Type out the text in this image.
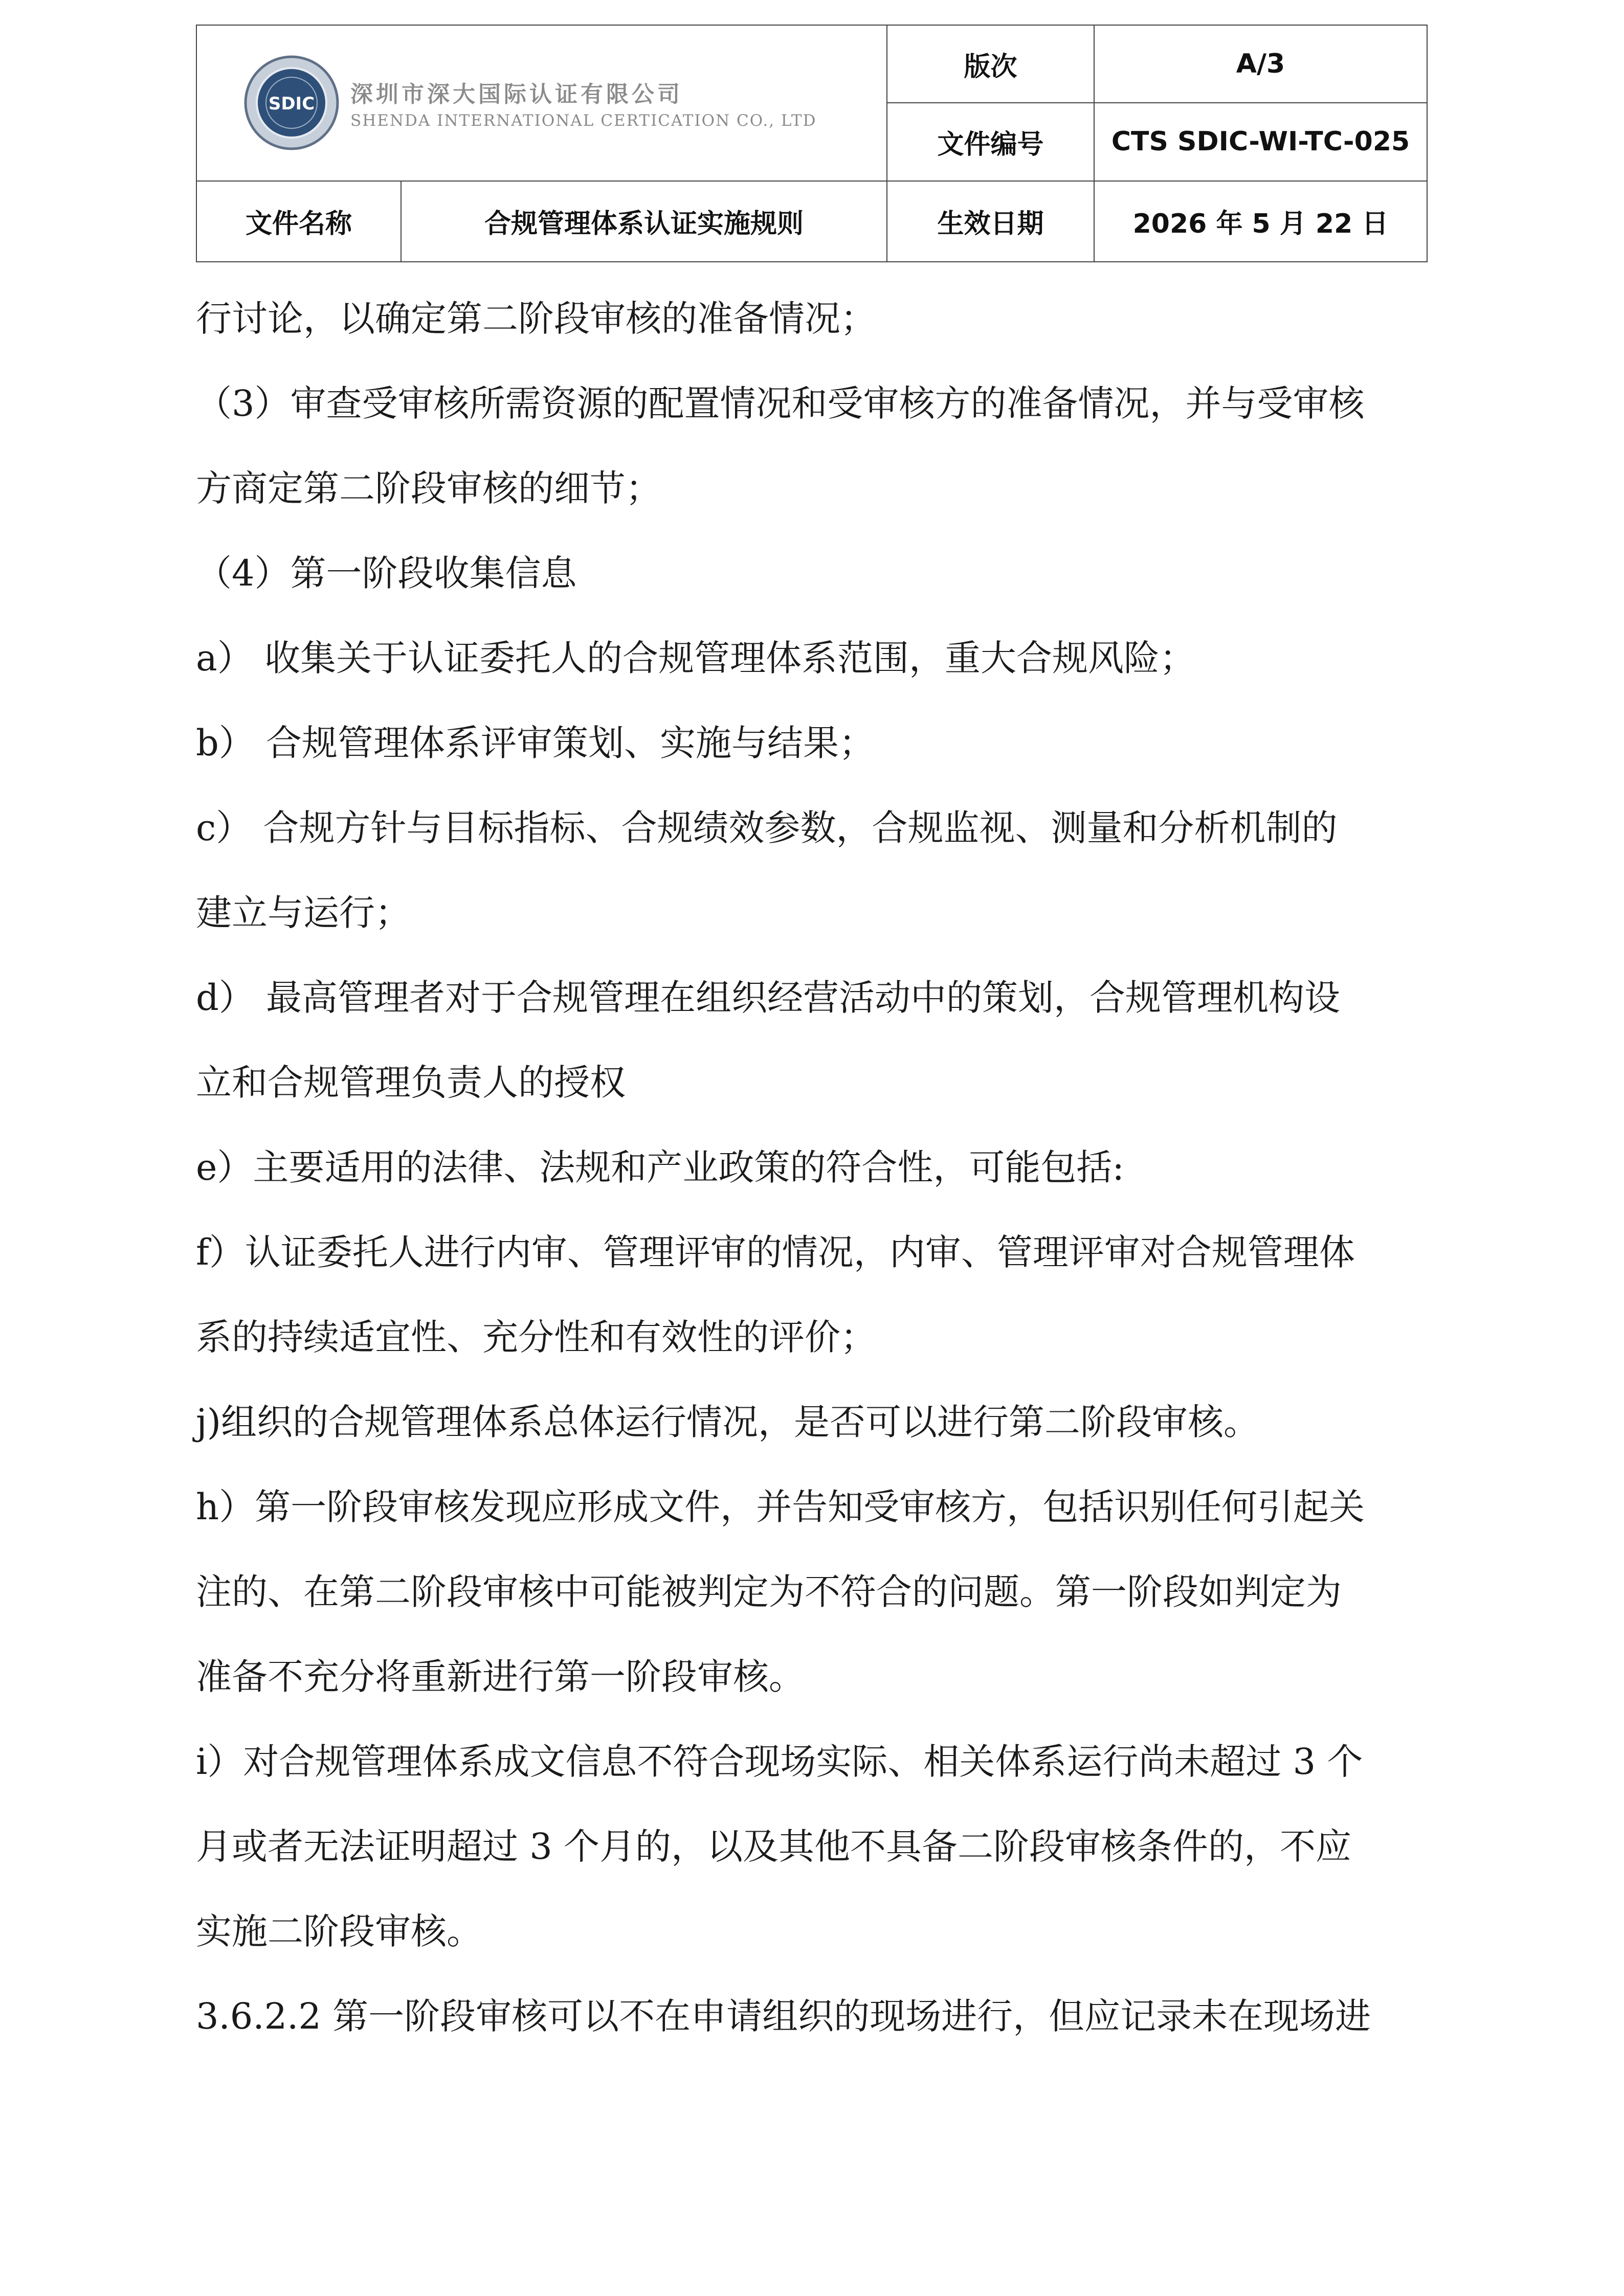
SDIC 深圳市深大国际认证有限公司
SHENDA INTERNATIONAL CERTICATION CO., LTD		版次	A/3
		文件编号	CTS SDIC-WI-TC-025
文件名称	合规管理体系认证实施规则	生效日期	2026 年 5 月 22 日
行讨论，以确定第二阶段审核的准备情况；
（3）审查受审核所需资源的配置情况和受审核方的准备情况，并与受审核
方商定第二阶段审核的细节；
（4）第一阶段收集信息
a） 收集关于认证委托人的合规管理体系范围，重大合规风险；
b） 合规管理体系评审策划、实施与结果；
c） 合规方针与目标指标、合规绩效参数，合规监视、测量和分析机制的
建立与运行；
d） 最高管理者对于合规管理在组织经营活动中的策划，合规管理机构设
立和合规管理负责人的授权
e）主要适用的法律、法规和产业政策的符合性，可能包括:
f）认证委托人进行内审、管理评审的情况，内审、管理评审对合规管理体
系的持续适宜性、充分性和有效性的评价；
j)组织的合规管理体系总体运行情况，是否可以进行第二阶段审核。
h）第一阶段审核发现应形成文件，并告知受审核方，包括识别任何引起关
注的、在第二阶段审核中可能被判定为不符合的问题。第一阶段如判定为
准备不充分将重新进行第一阶段审核。
i）对合规管理体系成文信息不符合现场实际、相关体系运行尚未超过 3 个
月或者无法证明超过 3 个月的，以及其他不具备二阶段审核条件的，不应
实施二阶段审核。
3.6.2.2 第一阶段审核可以不在申请组织的现场进行，但应记录未在现场进
